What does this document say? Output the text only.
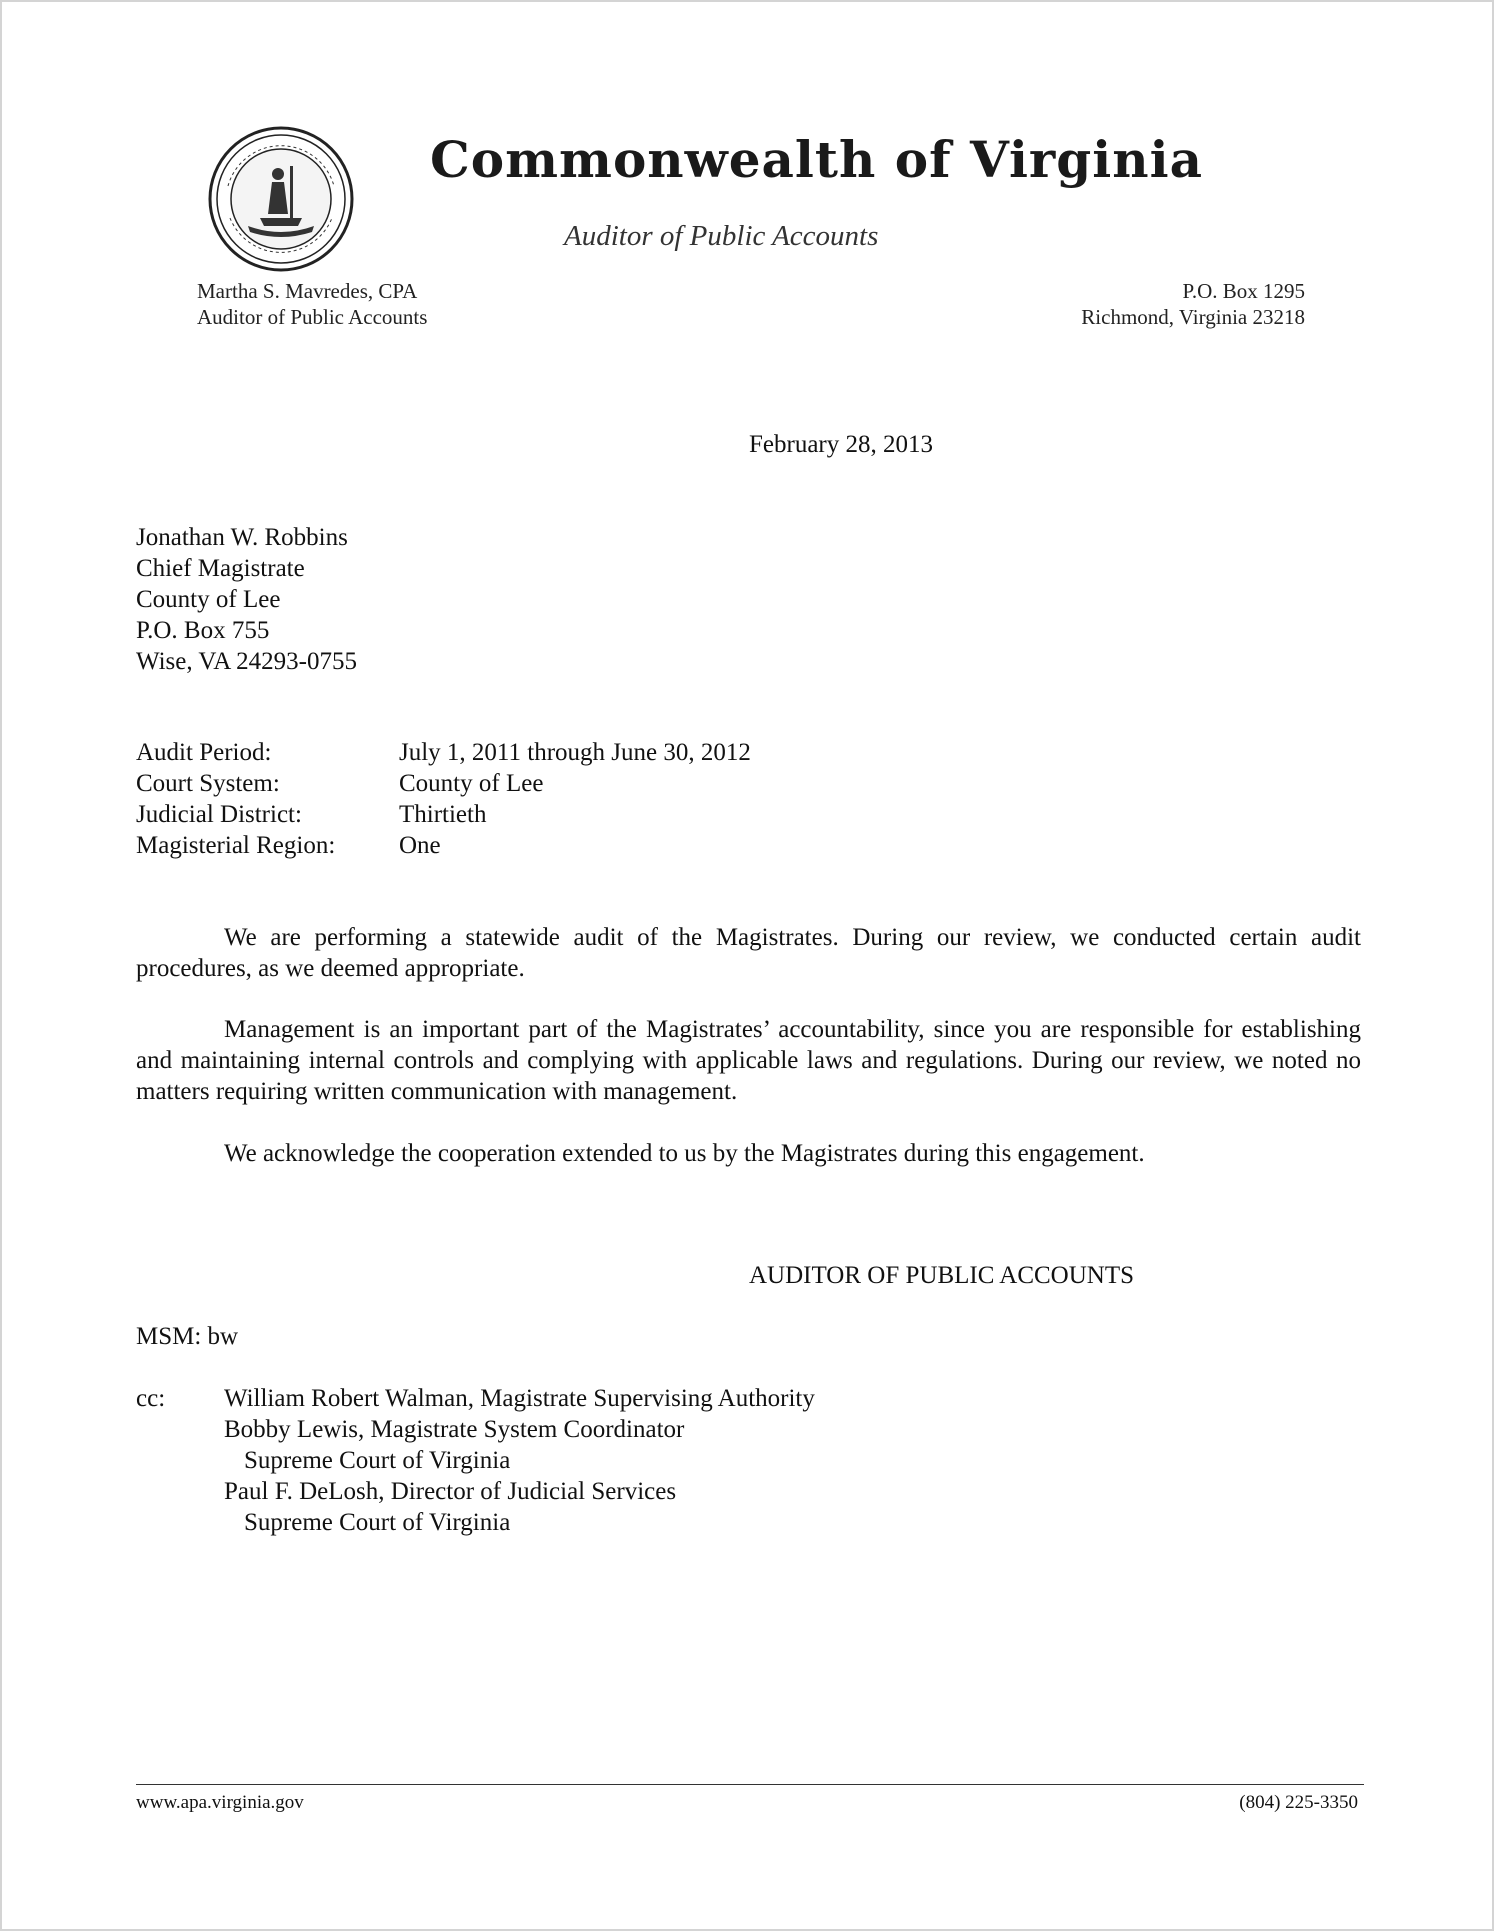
Commonwealth of Virginia
Auditor of Public Accounts
Martha S. Mavredes, CPA
Auditor of Public Accounts
P.O. Box 1295
Richmond, Virginia 23218
February 28, 2013
Jonathan W. Robbins
Chief Magistrate
County of Lee
P.O. Box 755
Wise, VA 24293-0755
Audit Period:	July 1, 2011 through June 30, 2012
Court System:	County of Lee
Judicial District:	Thirtieth
Magisterial Region:	One
We are performing a statewide audit of the Magistrates. During our review, we conducted certain audit procedures, as we deemed appropriate.
Management is an important part of the Magistrates’ accountability, since you are responsible for establishing and maintaining internal controls and complying with applicable laws and regulations. During our review, we noted no matters requiring written communication with management.
We acknowledge the cooperation extended to us by the Magistrates during this engagement.
AUDITOR OF PUBLIC ACCOUNTS
MSM: bw
cc:	William Robert Walman, Magistrate Supervising Authority
Bobby Lewis, Magistrate System Coordinator
Supreme Court of Virginia
Paul F. DeLosh, Director of Judicial Services
Supreme Court of Virginia
www.apa.virginia.gov	(804) 225-3350
